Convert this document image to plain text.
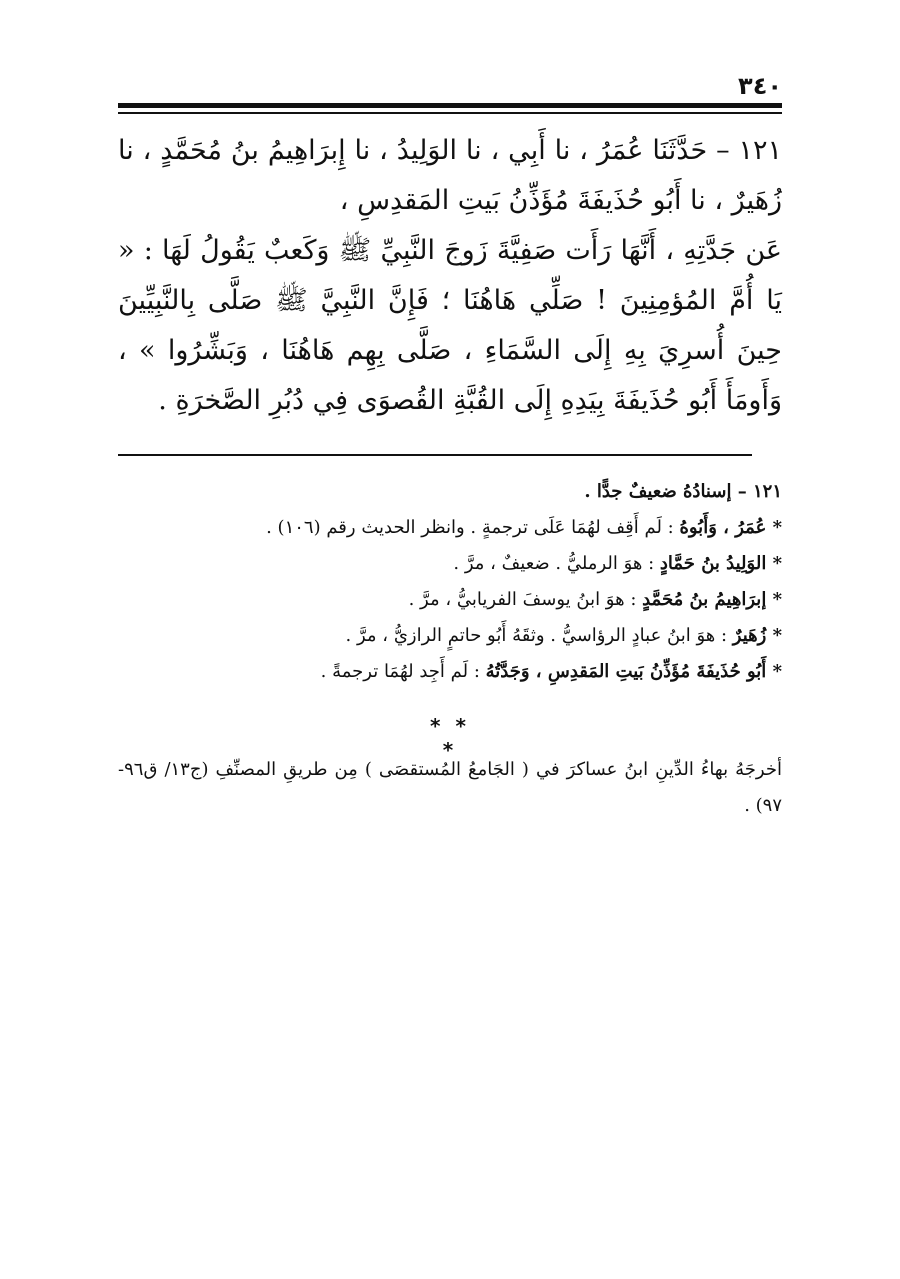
٣٤٠

١٢١ – حَدَّثَنَا عُمَرُ ، نا أَبِي ، نا الوَلِيدُ ، نا إِبرَاهِيمُ بنُ مُحَمَّدٍ ، نا زُهَيرٌ ، نا أَبُو حُذَيفَةَ مُؤَذِّنُ بَيتِ المَقدِسِ ،

عَن جَدَّتِهِ ، أَنَّهَا رَأَت صَفِيَّةَ زَوجَ النَّبِيِّ ﷺ وَكَعبٌ يَقُولُ لَهَا : « يَا أُمَّ المُؤمِنِينَ ! صَلِّي هَاهُنَا ؛ فَإِنَّ النَّبِيَّ ﷺ صَلَّى بِالنَّبِيِّينَ حِينَ أُسرِيَ بِهِ إِلَى السَّمَاءِ ، صَلَّى بِهِم هَاهُنَا ، وَبَشِّرُوا » ، وَأَومَأَ أَبُو حُذَيفَةَ بِيَدِهِ إِلَى القُبَّةِ القُصوَى فِي دُبُرِ الصَّخرَةِ .

١٢١ – إسنادُهُ ضعيفٌ جدًّا .

* عُمَرُ ، وَأَبُوهُ : لَم أَقِف لهُمَا عَلَى ترجمةٍ . وانظر الحديث رقم (١٠٦) .

* الوَلِيدُ بنُ حَمَّادٍ : هوَ الرمليُّ . ضعيفٌ ، مرَّ .

* إبرَاهِيمُ بنُ مُحَمَّدٍ : هوَ ابنُ يوسفَ الفريابيُّ ، مرَّ .

* زُهَيرٌ : هوَ ابنُ عبادٍ الرؤاسيُّ . وثقَهُ أَبُو حاتمٍ الرازيُّ ، مرَّ .

* أَبُو حُذَيفَةَ مُؤَذِّنُ بَيتِ المَقدِسِ ، وَجَدَّتُهُ : لَم أَجِد لهُمَا ترجمةً .

* * *

أخرجَهُ بهاءُ الدِّينِ ابنُ عساكرَ في ( الجَامعُ المُستقصَى ) مِن طريقِ المصنِّفِ (ج١٣/ ق٩٦- ٩٧) .
